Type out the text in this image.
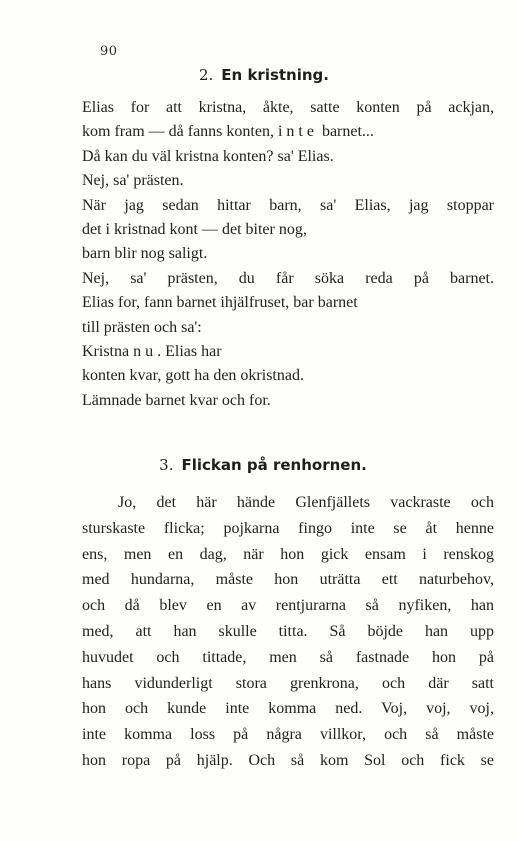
90
2. En kristning.
Elias for att kristna, åkte, satte konten på ackjan,
kom fram — då fanns konten, inte barnet...
Då kan du väl kristna konten? sa' Elias.
Nej, sa' prästen.
När jag sedan hittar barn, sa' Elias, jag stoppar
det i kristnad kont — det biter nog,
barn blir nog saligt.
Nej, sa' prästen, du får söka reda på barnet.
Elias for, fann barnet ihjälfruset, bar barnet
till prästen och sa':
Kristna nu. Elias har
konten kvar, gott ha den okristnad.
Lämnade barnet kvar och for.
3. Flickan på renhornen.
Jo, det här hände Glenfjällets vackraste och
sturskaste flicka; pojkarna fingo inte se åt henne
ens, men en dag, när hon gick ensam i renskog
med hundarna, måste hon uträtta ett naturbehov,
och då blev en av rentjurarna så nyfiken, han
med, att han skulle titta. Så böjde han upp
huvudet och tittade, men så fastnade hon på
hans vidunderligt stora grenkrona, och där satt
hon och kunde inte komma ned. Voj, voj, voj,
inte komma loss på några villkor, och så måste
hon ropa på hjälp. Och så kom Sol och fick se
